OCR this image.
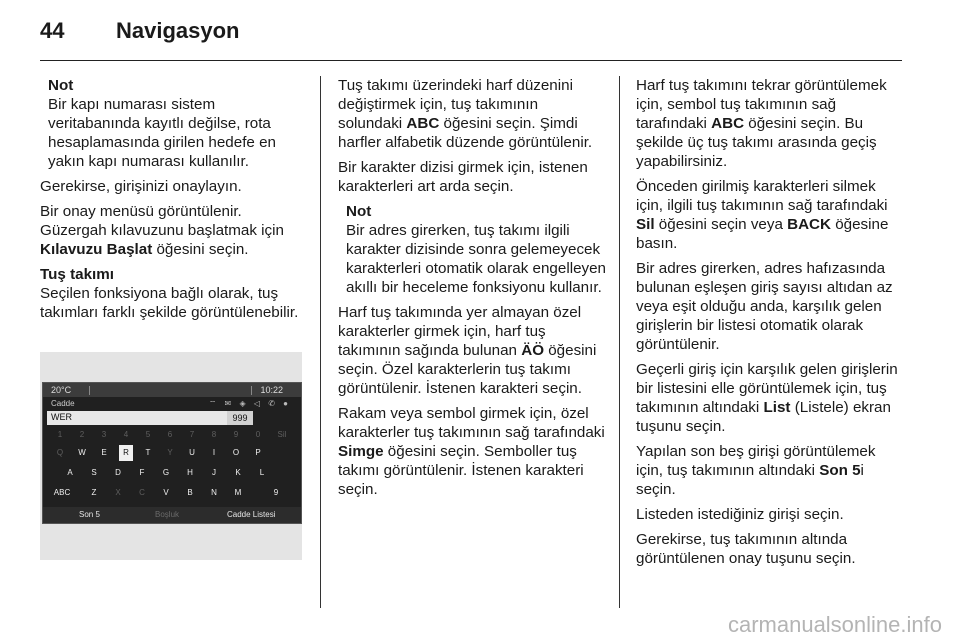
44 Navigasyon
Not
Bir kapı numarası sistem veritabanında kayıtlı değilse, rota hesaplamasında girilen hedefe en yakın kapı numarası kullanılır.

Gerekirse, girişinizi onaylayın.

Bir onay menüsü görüntülenir.
Güzergah kılavuzunu başlatmak için Kılavuzu Başlat öğesini seçin.

Tuş takımı

Seçilen fonksiyona bağlı olarak, tuş takımları farklı şekilde görüntülenebilir.

20°C	10:22
Cadde	⌔ ✉ ◈ ◁ ✆ ●
WER	999
1	2	3	4	5	6	7	8	9	0	Sil
Q	W	E	R	T	Y	U	I	O	P
A	S	D	F	G	H	J	K	L
ABC	Z	X	C	V	B	N	M	9
Son 5	Boşluk	Cadde Listesi

Tuş takımı üzerindeki harf düzenini değiştirmek için, tuş takımının solundaki ABC öğesini seçin. Şimdi harfler alfabetik düzende görüntülenir.

Bir karakter dizisi girmek için, istenen karakterleri art arda seçin.

Not
Bir adres girerken, tuş takımı ilgili karakter dizisinde sonra gelemeyecek karakterleri otomatik olarak engelleyen akıllı bir heceleme fonksiyonu kullanır.

Harf tuş takımında yer almayan özel karakterler girmek için, harf tuş takımının sağında bulunan ÄÖ öğesini seçin. Özel karakterlerin tuş takımı görüntülenir. İstenen karakteri seçin.

Rakam veya sembol girmek için, özel karakterler tuş takımının sağ tarafındaki Simge öğesini seçin. Semboller tuş takımı görüntülenir. İstenen karakteri seçin.

Harf tuş takımını tekrar görüntülemek için, sembol tuş takımının sağ tarafındaki ABC öğesini seçin. Bu şekilde üç tuş takımı arasında geçiş yapabilirsiniz.

Önceden girilmiş karakterleri silmek için, ilgili tuş takımının sağ tarafındaki Sil öğesini seçin veya BACK öğesine basın.

Bir adres girerken, adres hafızasında bulunan eşleşen giriş sayısı altıdan az veya eşit olduğu anda, karşılık gelen girişlerin bir listesi otomatik olarak görüntülenir.

Geçerli giriş için karşılık gelen girişlerin bir listesini elle görüntülemek için, tuş takımının altındaki List (Listele) ekran tuşunu seçin.

Yapılan son beş girişi görüntülemek için, tuş takımının altındaki Son 5i seçin.

Listeden istediğiniz girişi seçin.

Gerekirse, tuş takımının altında görüntülenen onay tuşunu seçin.

carmanualsonline.info
